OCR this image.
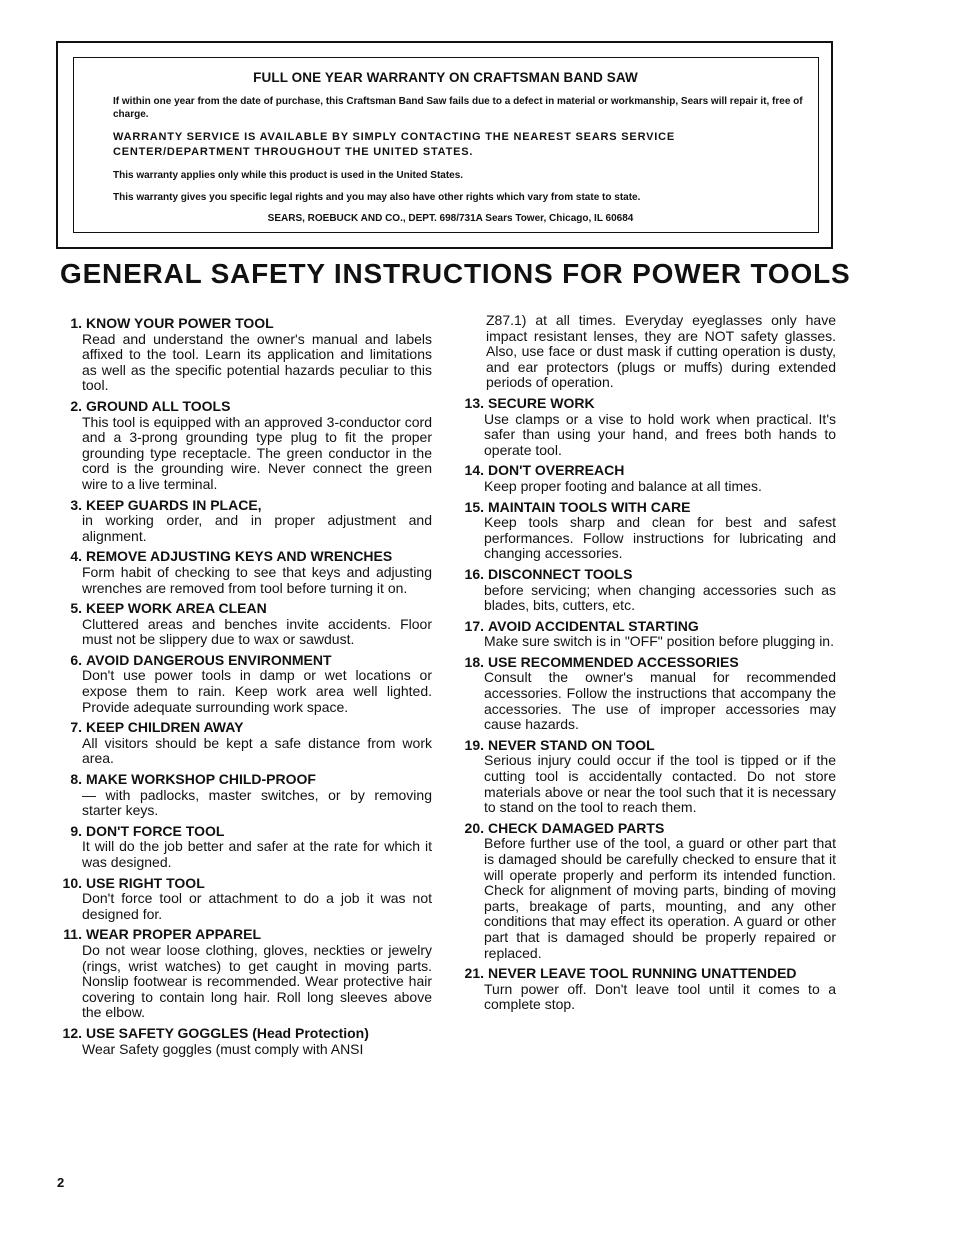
FULL ONE YEAR WARRANTY ON CRAFTSMAN BAND SAW

If within one year from the date of purchase, this Craftsman Band Saw fails due to a defect in material or workmanship, Sears will repair it, free of charge.

WARRANTY SERVICE IS AVAILABLE BY SIMPLY CONTACTING THE NEAREST SEARS SERVICE CENTER/DEPARTMENT THROUGHOUT THE UNITED STATES.

This warranty applies only while this product is used in the United States.

This warranty gives you specific legal rights and you may also have other rights which vary from state to state.

SEARS, ROEBUCK AND CO., DEPT. 698/731A Sears Tower, Chicago, IL 60684

GENERAL SAFETY INSTRUCTIONS FOR POWER TOOLS
1. KNOW YOUR POWER TOOL
Read and understand the owner's manual and labels affixed to the tool. Learn its application and limitations as well as the specific potential hazards peculiar to this tool.
2. GROUND ALL TOOLS
This tool is equipped with an approved 3-conductor cord and a 3-prong grounding type plug to fit the proper grounding type receptacle. The green conductor in the cord is the grounding wire. Never connect the green wire to a live terminal.
3. KEEP GUARDS IN PLACE,
in working order, and in proper adjustment and alignment.
4. REMOVE ADJUSTING KEYS AND WRENCHES
Form habit of checking to see that keys and adjusting wrenches are removed from tool before turning it on.
5. KEEP WORK AREA CLEAN
Cluttered areas and benches invite accidents. Floor must not be slippery due to wax or sawdust.
6. AVOID DANGEROUS ENVIRONMENT
Don't use power tools in damp or wet locations or expose them to rain. Keep work area well lighted. Provide adequate surrounding work space.
7. KEEP CHILDREN AWAY
All visitors should be kept a safe distance from work area.
8. MAKE WORKSHOP CHILD-PROOF
— with padlocks, master switches, or by removing starter keys.
9. DON'T FORCE TOOL
It will do the job better and safer at the rate for which it was designed.
10. USE RIGHT TOOL
Don't force tool or attachment to do a job it was not designed for.
11. WEAR PROPER APPAREL
Do not wear loose clothing, gloves, neckties or jewelry (rings, wrist watches) to get caught in moving parts. Nonslip footwear is recommended. Wear protective hair covering to contain long hair. Roll long sleeves above the elbow.
12. USE SAFETY GOGGLES (Head Protection)
Wear Safety goggles (must comply with ANSI
Z87.1) at all times. Everyday eyeglasses only have impact resistant lenses, they are NOT safety glasses. Also, use face or dust mask if cutting operation is dusty, and ear protectors (plugs or muffs) during extended periods of operation.
13. SECURE WORK
Use clamps or a vise to hold work when practical. It's safer than using your hand, and frees both hands to operate tool.
14. DON'T OVERREACH
Keep proper footing and balance at all times.
15. MAINTAIN TOOLS WITH CARE
Keep tools sharp and clean for best and safest performances. Follow instructions for lubricating and changing accessories.
16. DISCONNECT TOOLS
before servicing; when changing accessories such as blades, bits, cutters, etc.
17. AVOID ACCIDENTAL STARTING
Make sure switch is in "OFF" position before plugging in.
18. USE RECOMMENDED ACCESSORIES
Consult the owner's manual for recommended accessories. Follow the instructions that accompany the accessories. The use of improper accessories may cause hazards.
19. NEVER STAND ON TOOL
Serious injury could occur if the tool is tipped or if the cutting tool is accidentally contacted. Do not store materials above or near the tool such that it is necessary to stand on the tool to reach them.
20. CHECK DAMAGED PARTS
Before further use of the tool, a guard or other part that is damaged should be carefully checked to ensure that it will operate properly and perform its intended function. Check for alignment of moving parts, binding of moving parts, breakage of parts, mounting, and any other conditions that may effect its operation. A guard or other part that is damaged should be properly repaired or replaced.
21. NEVER LEAVE TOOL RUNNING UNATTENDED
Turn power off. Don't leave tool until it comes to a complete stop.
2
